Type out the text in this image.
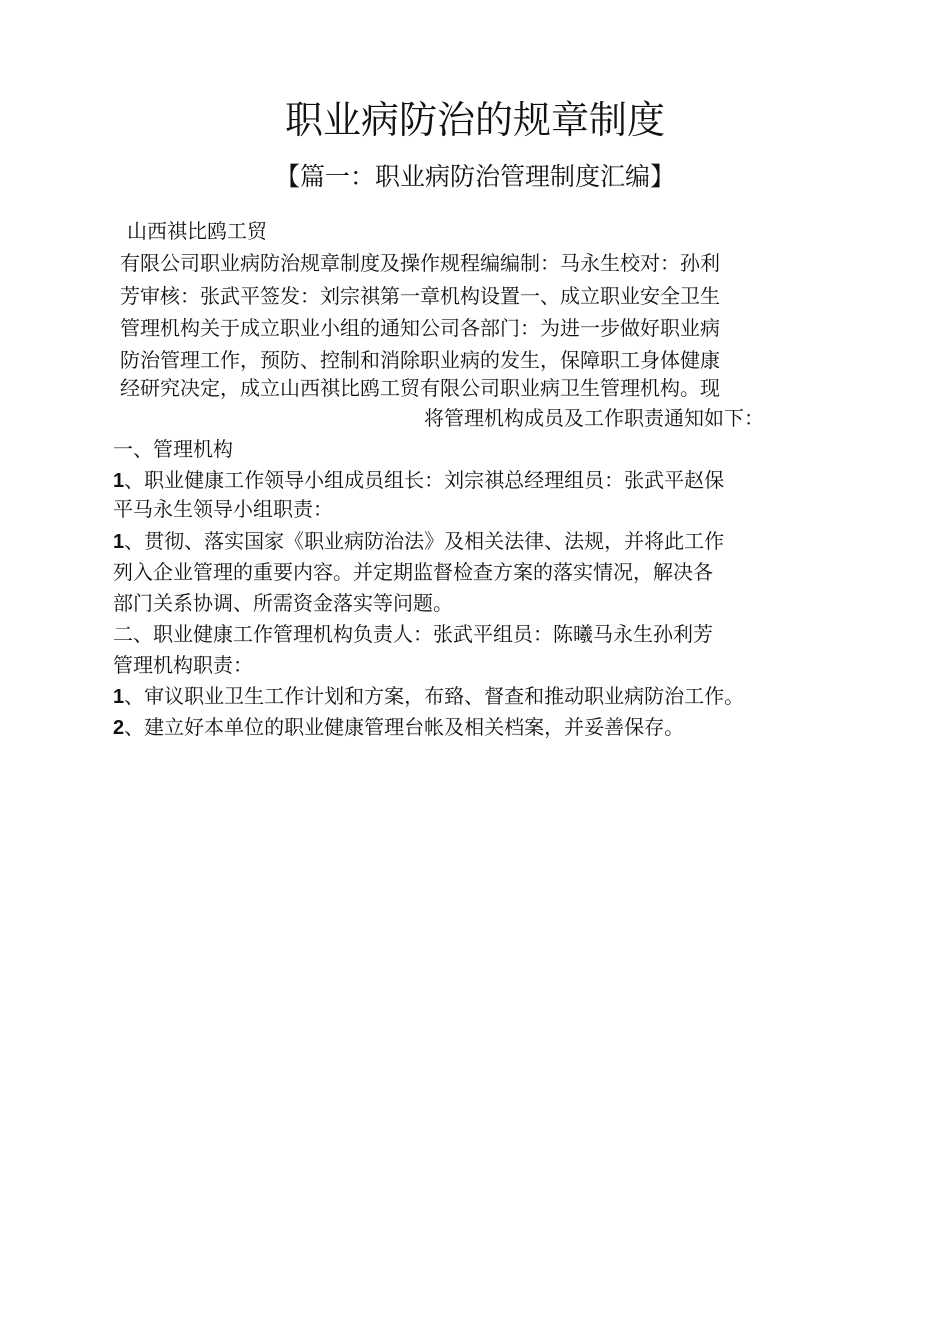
职业病防治的规章制度
【篇一：职业病防治管理制度汇编】
山西祺比鸥工贸
有限公司职业病防治规章制度及操作规程编编制：马永生校对：孙利
芳审核：张武平签发：刘宗祺第一章机构设置一、成立职业安全卫生
管理机构关于成立职业小组的通知公司各部门：为进一步做好职业病
防治管理工作，预防、控制和消除职业病的发生，保障职工身体健康
经研究决定，成立山西祺比鸥工贸有限公司职业病卫生管理机构。现
将管理机构成员及工作职责通知如下：
一、管理机构
1、职业健康工作领导小组成员组长：刘宗祺总经理组员：张武平赵保
平马永生领导小组职责：
1、贯彻、落实国家《职业病防治法》及相关法律、法规，并将此工作
列入企业管理的重要内容。并定期监督检查方案的落实情况，解决各
部门关系协调、所需资金落实等问题。
二、职业健康工作管理机构负责人：张武平组员：陈曦马永生孙利芳
管理机构职责：
1、审议职业卫生工作计划和方案，布臵、督查和推动职业病防治工作。
2、建立好本单位的职业健康管理台帐及相关档案，并妥善保存。
